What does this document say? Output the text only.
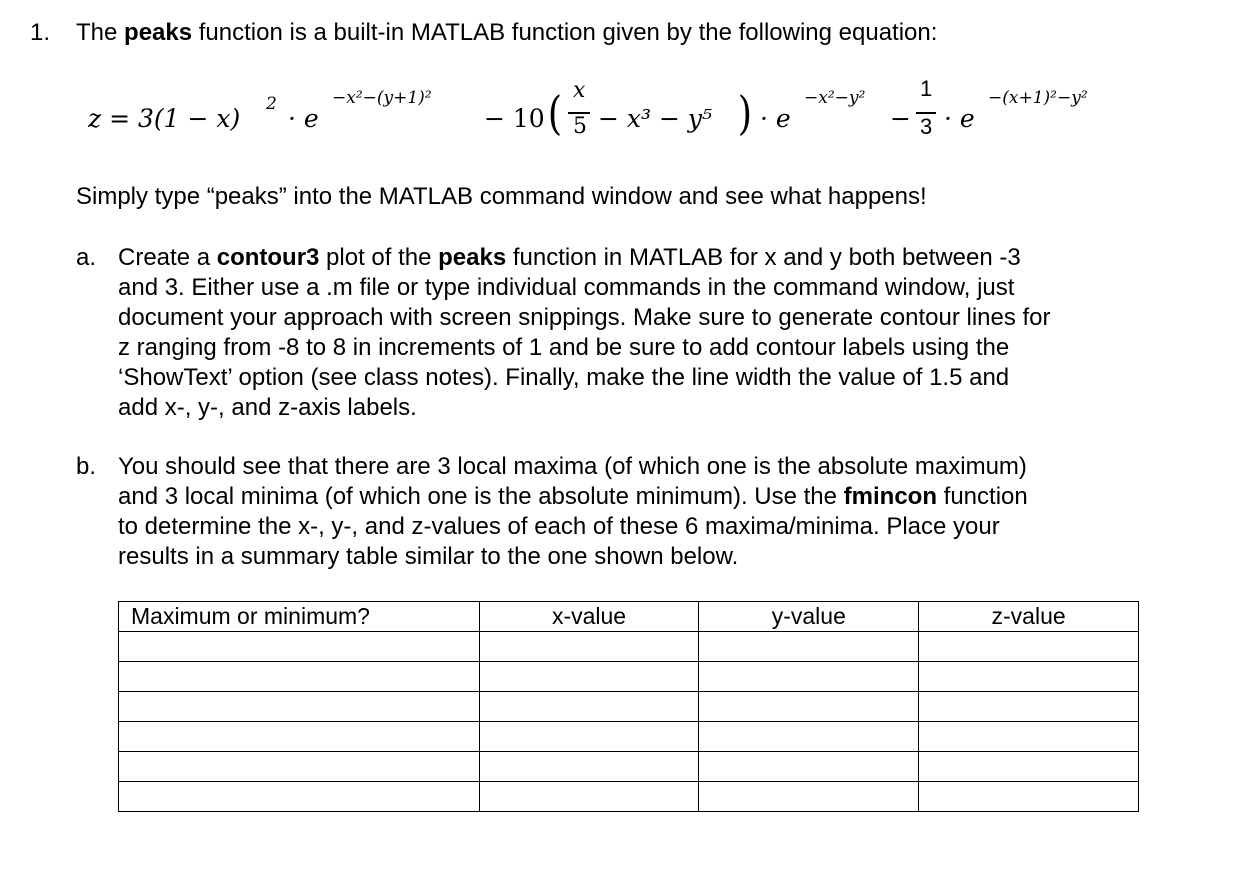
1. The peaks function is a built-in MATLAB function given by the following equation:
z = 3(1 − x) 2 · e
−x²−(y+1)²
− 10 ( x
5 − x³ − y⁵ ) · e
−x²−y²
−
1
3 · e
−(x+1)²−y²
Simply type “peaks” into the MATLAB command window and see what happens!
a. Create a contour3 plot of the peaks function in MATLAB for x and y both between -3
and 3. Either use a .m file or type individual commands in the command window, just
document your approach with screen snippings. Make sure to generate contour lines for
z ranging from -8 to 8 in increments of 1 and be sure to add contour labels using the
‘ShowText’ option (see class notes). Finally, make the line width the value of 1.5 and
add x-, y-, and z-axis labels.
b. You should see that there are 3 local maxima (of which one is the absolute maximum)
and 3 local minima (of which one is the absolute minimum). Use the fmincon function
to determine the x-, y-, and z-values of each of these 6 maxima/minima. Place your
results in a summary table similar to the one shown below.
Maximum or minimum?	x-value	y-value	z-value
